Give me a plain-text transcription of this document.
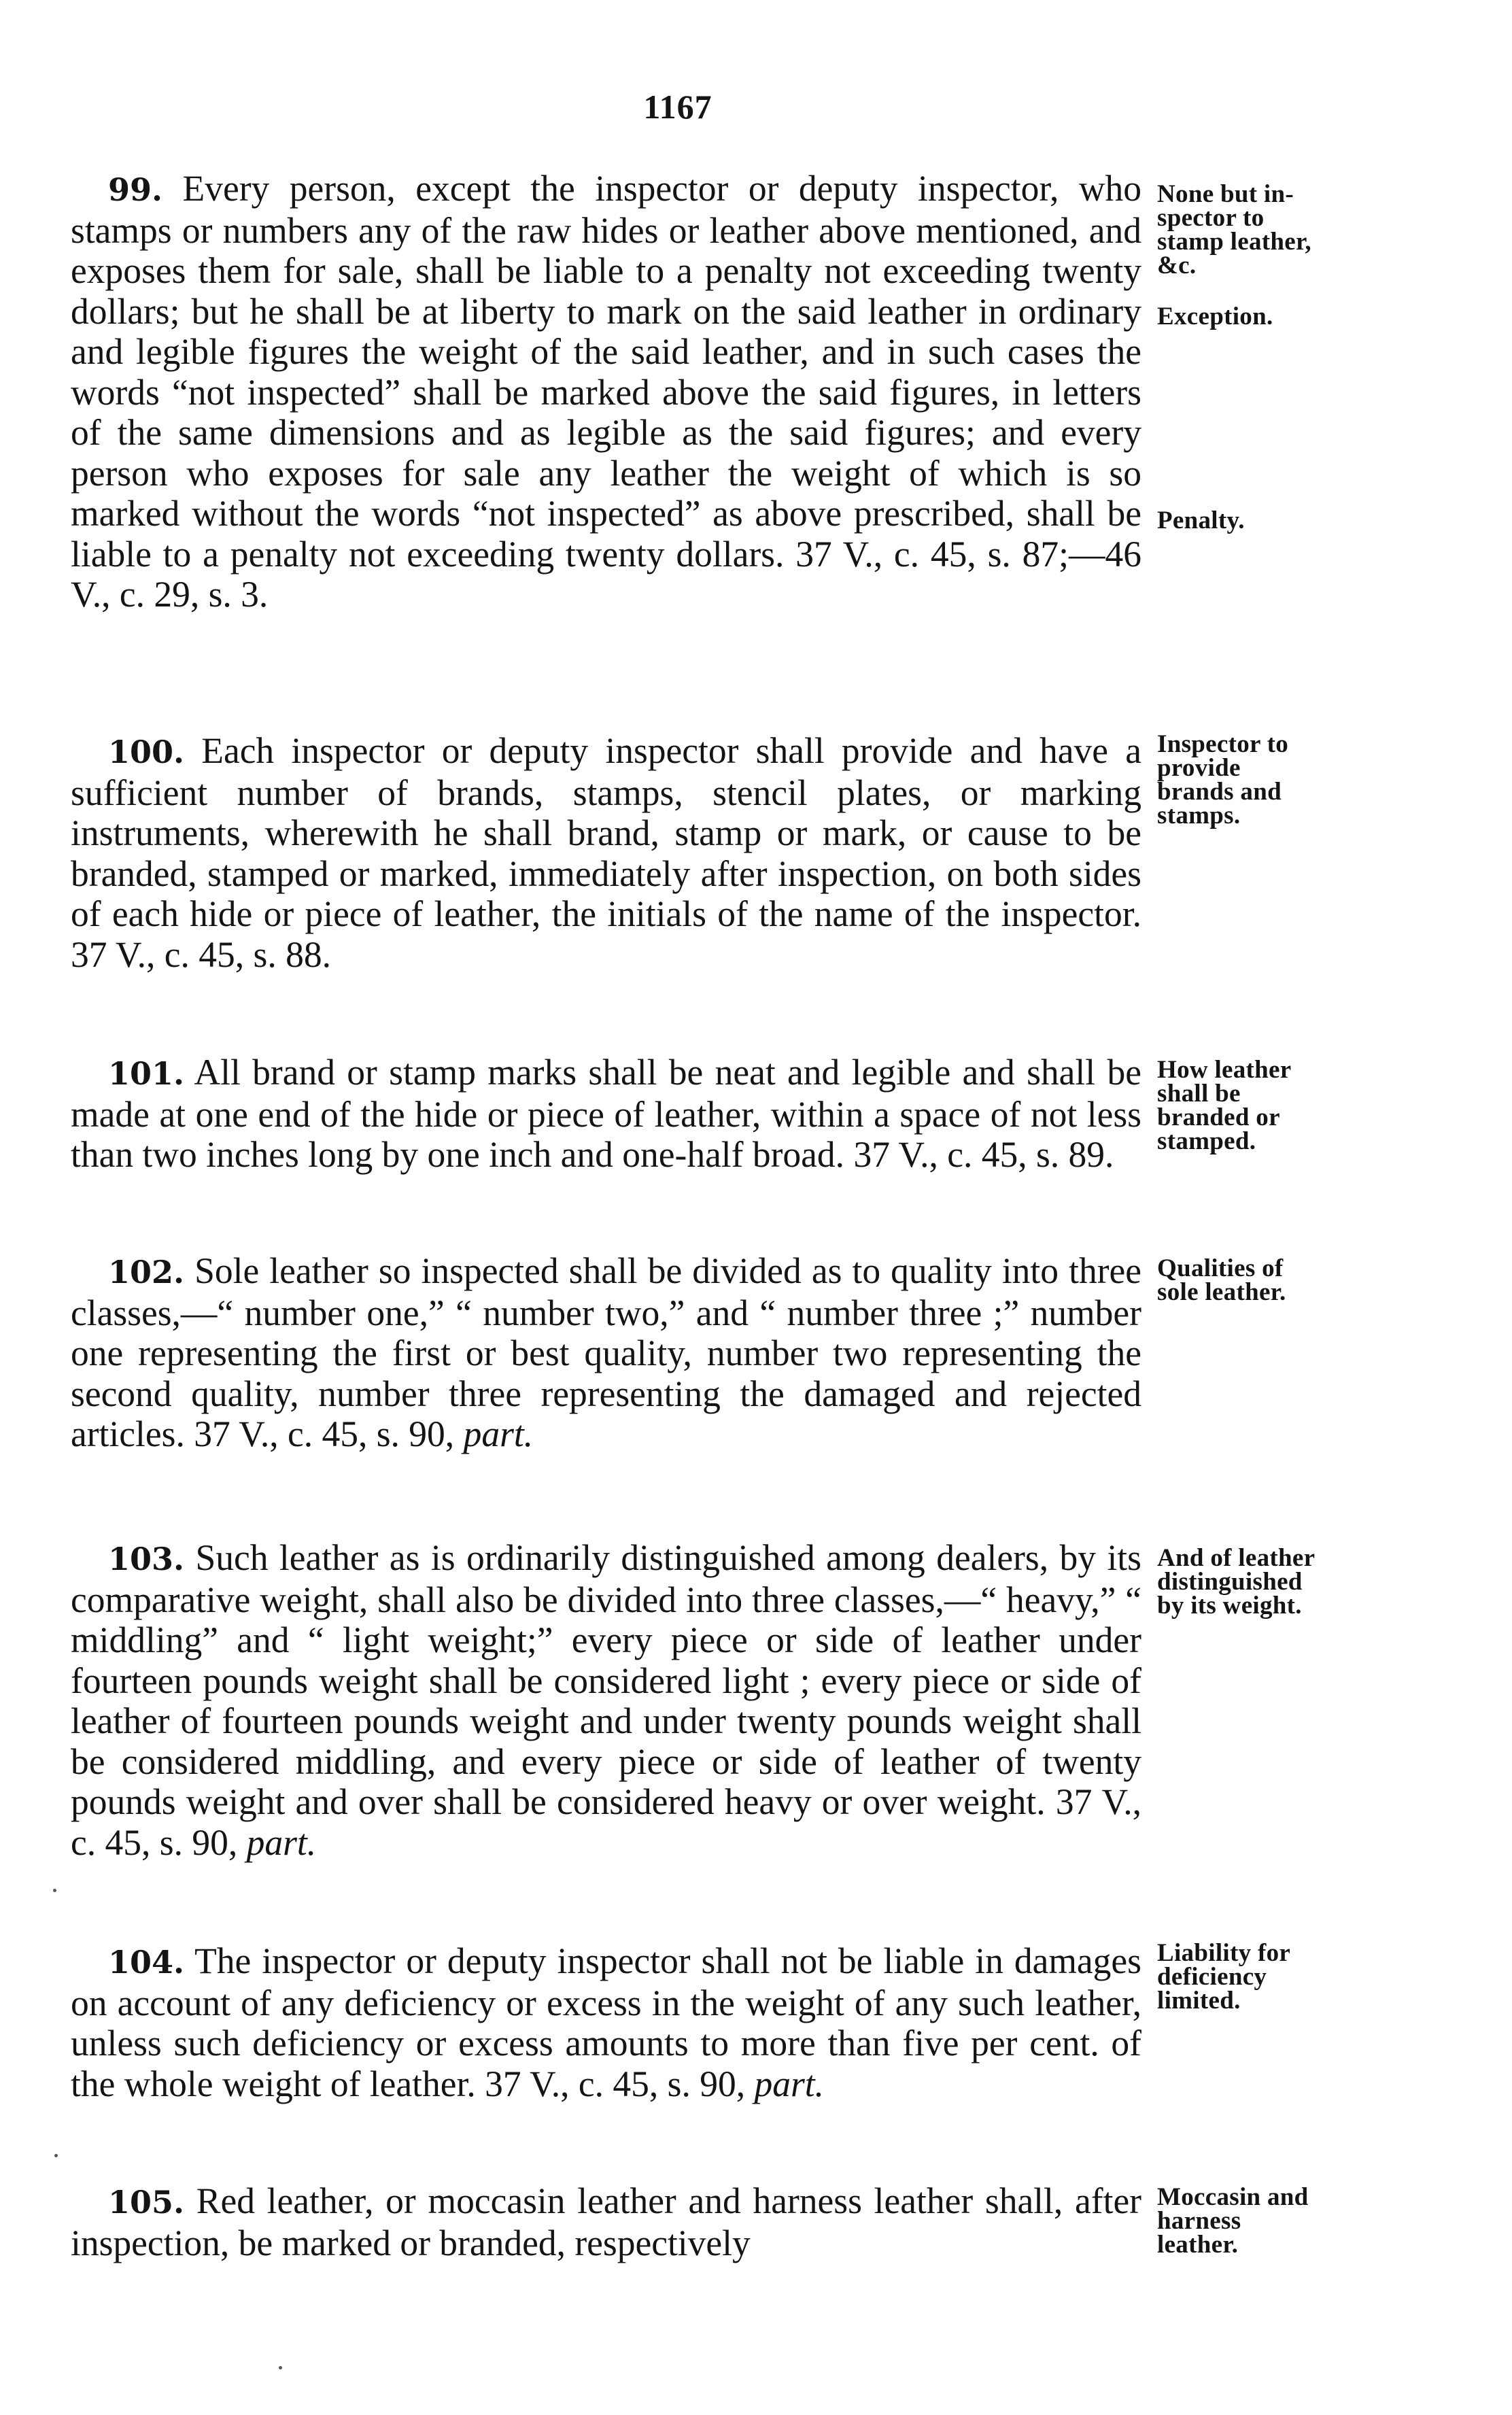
1167

99. Every person, except the inspector or deputy inspector, who stamps or numbers any of the raw hides or leather above mentioned, and exposes them for sale, shall be liable to a penalty not exceeding twenty dollars; but he shall be at liberty to mark on the said leather in ordinary and legible figures the weight of the said leather, and in such cases the words “not inspected” shall be marked above the said figures, in letters of the same dimensions and as legible as the said figures; and every person who exposes for sale any leather the weight of which is so marked without the words “not inspected” as above prescribed, shall be liable to a penalty not exceeding twenty dollars. 37 V., c. 45, s. 87;—46 V., c. 29, s. 3.

None but in-
spector to
stamp leather,
&c.
Exception.
Penalty.

100. Each inspector or deputy inspector shall provide and have a sufficient number of brands, stamps, stencil plates, or marking instruments, wherewith he shall brand, stamp or mark, or cause to be branded, stamped or marked, immediately after inspection, on both sides of each hide or piece of leather, the initials of the name of the inspector. 37 V., c. 45, s. 88.

Inspector to
provide
brands and
stamps.

101. All brand or stamp marks shall be neat and legible and shall be made at one end of the hide or piece of leather, within a space of not less than two inches long by one inch and one-half broad. 37 V., c. 45, s. 89.

How leather
shall be
branded or
stamped.

102. Sole leather so inspected shall be divided as to quality into three classes,—“ number one,” “ number two,” and “ number three ;” number one representing the first or best quality, number two representing the second quality, number three representing the damaged and rejected articles. 37 V., c. 45, s. 90, part.

Qualities of
sole leather.

103. Such leather as is ordinarily distinguished among dealers, by its comparative weight, shall also be divided into three classes,—“ heavy,” “ middling” and “ light weight;” every piece or side of leather under fourteen pounds weight shall be considered light ; every piece or side of leather of fourteen pounds weight and under twenty pounds weight shall be considered middling, and every piece or side of leather of twenty pounds weight and over shall be considered heavy or over weight. 37 V., c. 45, s. 90, part.

And of leather
distinguished
by its weight.

104. The inspector or deputy inspector shall not be liable in damages on account of any deficiency or excess in the weight of any such leather, unless such deficiency or excess amounts to more than five per cent. of the whole weight of leather. 37 V., c. 45, s. 90, part.

Liability for
deficiency
limited.

105. Red leather, or moccasin leather and harness leather shall, after inspection, be marked or branded, respectively

Moccasin and
harness
leather.
